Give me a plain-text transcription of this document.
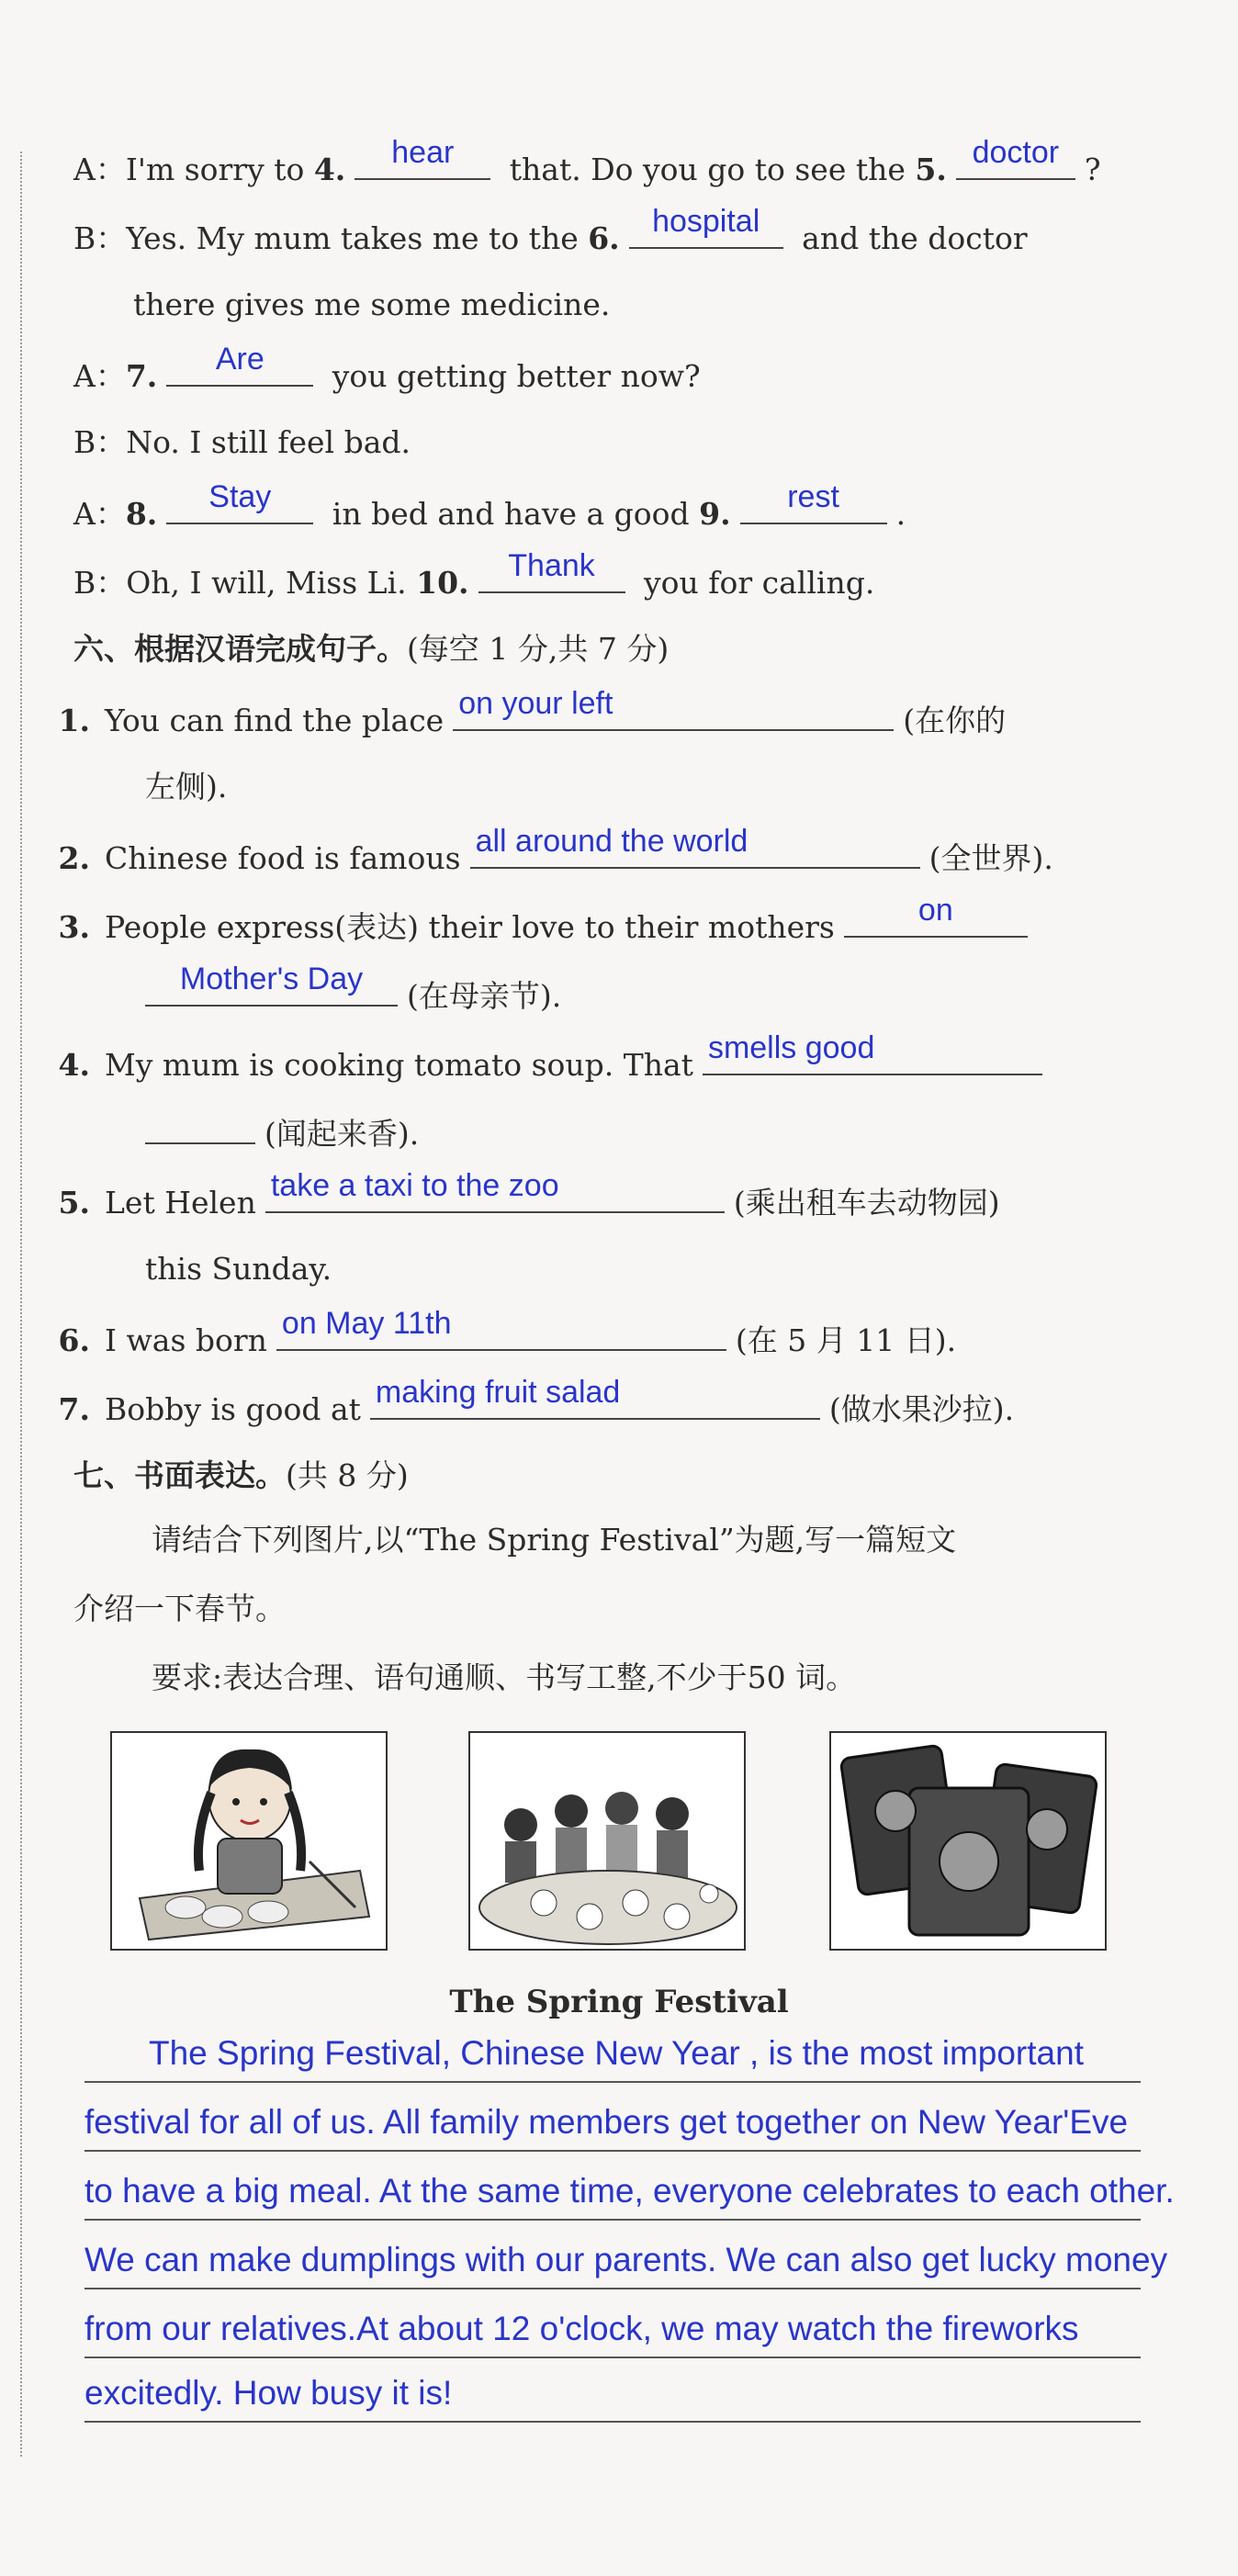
A：I'm sorry to 4.	hear	that. Do you go to see the 5. doctor ?
B：Yes. My mum takes me to the 6.	hospital	and the doctor
there gives me some medicine.
A：7.	Are	you getting better now?
B：No. I still feel bad.
A：8.	Stay	in bed and have a good 9.	rest	.
B：Oh, I will, Miss Li. 10.	Thank	you for calling.
六、根据汉语完成句子。(每空 1 分,共 7 分)
1. You can find the place on your left	(在你的
左侧).
2. Chinese food is famous all around the world	(全世界).
3. People express(表达) their love to their mothers	on
Mother's Day	(在母亲节).
4. My mum is cooking tomato soup. That smells good
(闻起来香).
5. Let Helen take a taxi to the zoo	(乘出租车去动物园)
this Sunday.
6. I was born on May 11th	(在 5 月 11 日).
7. Bobby is good at making fruit salad	(做水果沙拉).
七、书面表达。(共 8 分)
请结合下列图片,以“The Spring Festival”为题,写一篇短文
介绍一下春节。
要求:表达合理、语句通顺、书写工整,不少于50 词。
The Spring Festival
The Spring Festival, Chinese New Year , is the most important
festival for all of us. All family members get together on New Year'Eve
to have a big meal. At the same time, everyone celebrates to each other.
We can make dumplings with our parents. We can also get lucky money
from our relatives.At about 12 o'clock, we may watch the fireworks
excitedly. How busy it is!
